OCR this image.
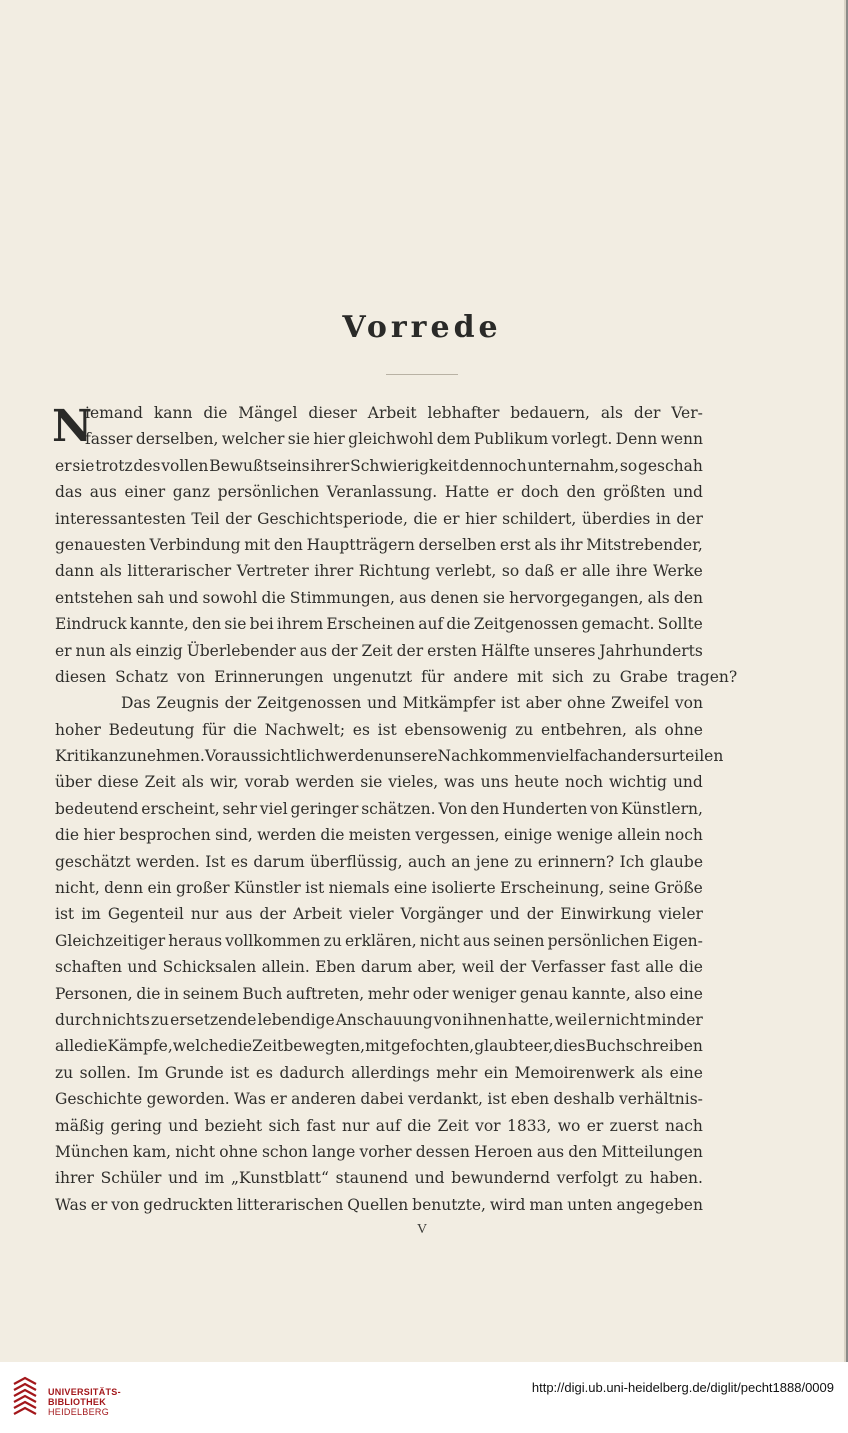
Vorrede
N
iemand kann die Mängel dieser Arbeit lebhafter bedauern, als der Ver-
fasser derselben, welcher sie hier gleichwohl dem Publikum vorlegt. Denn wenn
er sie trotz des vollen Bewußtseins ihrer Schwierigkeit dennoch unternahm, so geschah
das aus einer ganz persönlichen Veranlassung. Hatte er doch den größten und
interessantesten Teil der Geschichtsperiode, die er hier schildert, überdies in der
genauesten Verbindung mit den Hauptträgern derselben erst als ihr Mitstrebender,
dann als litterarischer Vertreter ihrer Richtung verlebt, so daß er alle ihre Werke
entstehen sah und sowohl die Stimmungen, aus denen sie hervorgegangen, als den
Eindruck kannte, den sie bei ihrem Erscheinen auf die Zeitgenossen gemacht. Sollte
er nun als einzig Überlebender aus der Zeit der ersten Hälfte unseres Jahrhunderts
diesen Schatz von Erinnerungen ungenutzt für andere mit sich zu Grabe tragen?
Das Zeugnis der Zeitgenossen und Mitkämpfer ist aber ohne Zweifel von
hoher Bedeutung für die Nachwelt; es ist ebensowenig zu entbehren, als ohne
Kritik anzunehmen. Voraussichtlich werden unsere Nachkommen vielfach anders urteilen
über diese Zeit als wir, vorab werden sie vieles, was uns heute noch wichtig und
bedeutend erscheint, sehr viel geringer schätzen. Von den Hunderten von Künstlern,
die hier besprochen sind, werden die meisten vergessen, einige wenige allein noch
geschätzt werden. Ist es darum überflüssig, auch an jene zu erinnern? Ich glaube
nicht, denn ein großer Künstler ist niemals eine isolierte Erscheinung, seine Größe
ist im Gegenteil nur aus der Arbeit vieler Vorgänger und der Einwirkung vieler
Gleichzeitiger heraus vollkommen zu erklären, nicht aus seinen persönlichen Eigen-
schaften und Schicksalen allein. Eben darum aber, weil der Verfasser fast alle die
Personen, die in seinem Buch auftreten, mehr oder weniger genau kannte, also eine
durch nichts zu ersetzende lebendige Anschauung von ihnen hatte, weil er nicht minder
alle die Kämpfe, welche die Zeit bewegten, mitgefochten, glaubte er, dies Buch schreiben
zu sollen. Im Grunde ist es dadurch allerdings mehr ein Memoirenwerk als eine
Geschichte geworden. Was er anderen dabei verdankt, ist eben deshalb verhältnis-
mäßig gering und bezieht sich fast nur auf die Zeit vor 1833, wo er zuerst nach
München kam, nicht ohne schon lange vorher dessen Heroen aus den Mitteilungen
ihrer Schüler und im „Kunstblatt“ staunend und bewundernd verfolgt zu haben.
Was er von gedruckten litterarischen Quellen benutzte, wird man unten angegeben
V
UNIVERSITÄTS-
BIBLIOTHEK
HEIDELBERG
http://digi.ub.uni-heidelberg.de/diglit/pecht1888/0009
